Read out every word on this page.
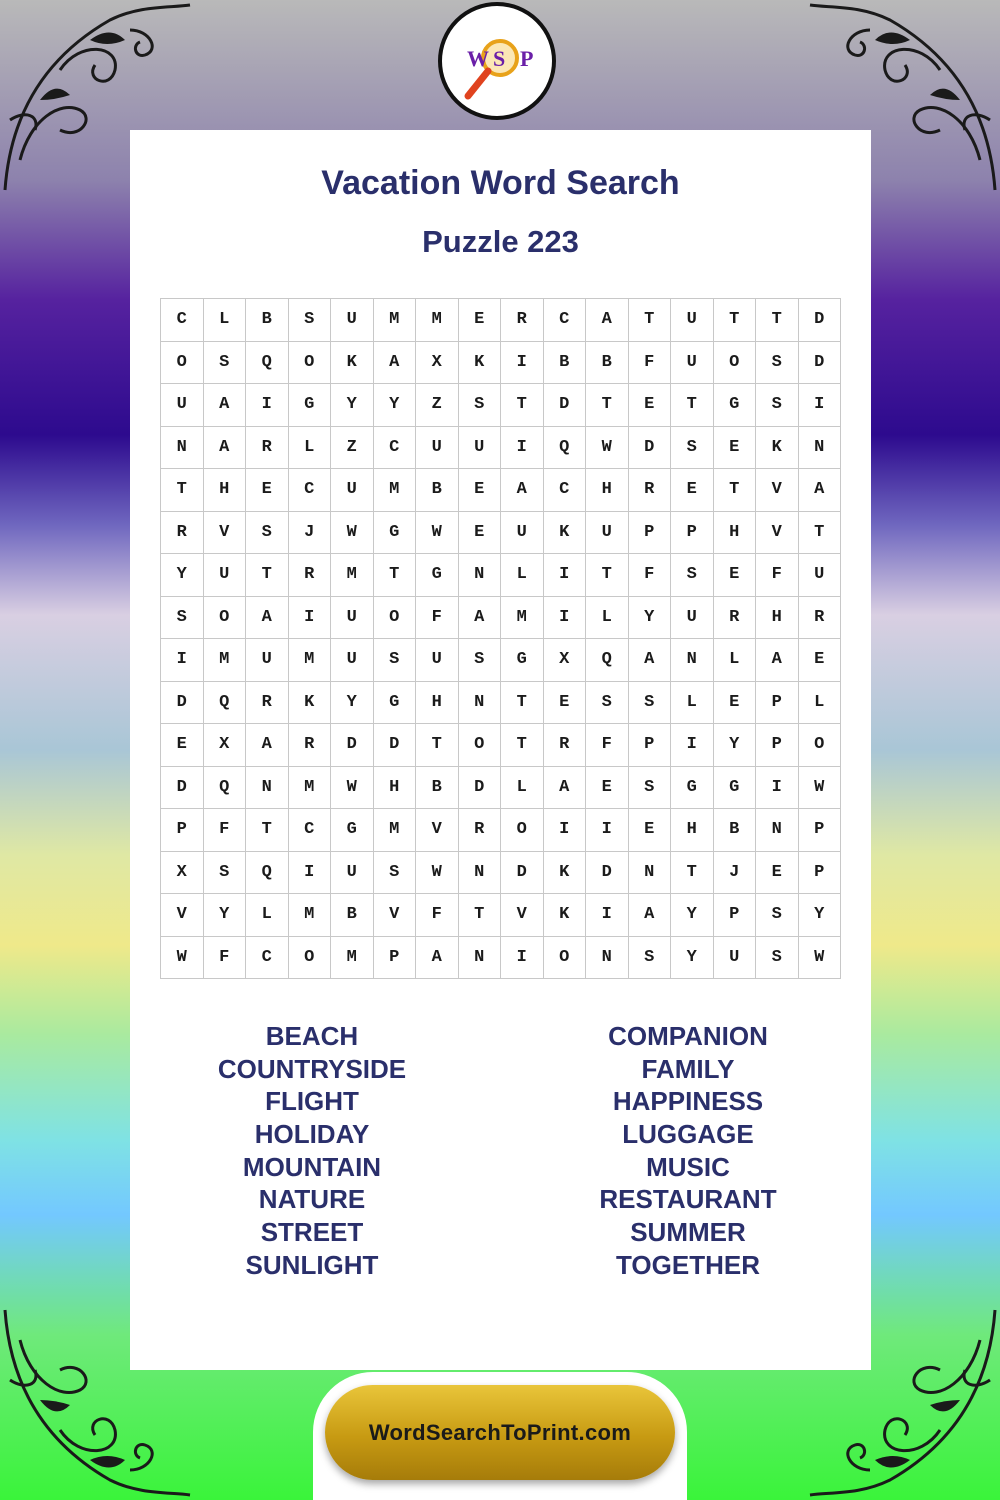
W S P
Vacation Word Search
Puzzle 223
C	L	B	S	U	M	M	E	R	C	A	T	U	T	T	D
O	S	Q	O	K	A	X	K	I	B	B	F	U	O	S	D
U	A	I	G	Y	Y	Z	S	T	D	T	E	T	G	S	I
N	A	R	L	Z	C	U	U	I	Q	W	D	S	E	K	N
T	H	E	C	U	M	B	E	A	C	H	R	E	T	V	A
R	V	S	J	W	G	W	E	U	K	U	P	P	H	V	T
Y	U	T	R	M	T	G	N	L	I	T	F	S	E	F	U
S	O	A	I	U	O	F	A	M	I	L	Y	U	R	H	R
I	M	U	M	U	S	U	S	G	X	Q	A	N	L	A	E
D	Q	R	K	Y	G	H	N	T	E	S	S	L	E	P	L
E	X	A	R	D	D	T	O	T	R	F	P	I	Y	P	O
D	Q	N	M	W	H	B	D	L	A	E	S	G	G	I	W
P	F	T	C	G	M	V	R	O	I	I	E	H	B	N	P
X	S	Q	I	U	S	W	N	D	K	D	N	T	J	E	P
V	Y	L	M	B	V	F	T	V	K	I	A	Y	P	S	Y
W	F	C	O	M	P	A	N	I	O	N	S	Y	U	S	W
BEACH
COUNTRYSIDE
FLIGHT
HOLIDAY
MOUNTAIN
NATURE
STREET
SUNLIGHT
COMPANION
FAMILY
HAPPINESS
LUGGAGE
MUSIC
RESTAURANT
SUMMER
TOGETHER
WordSearchToPrint.com
